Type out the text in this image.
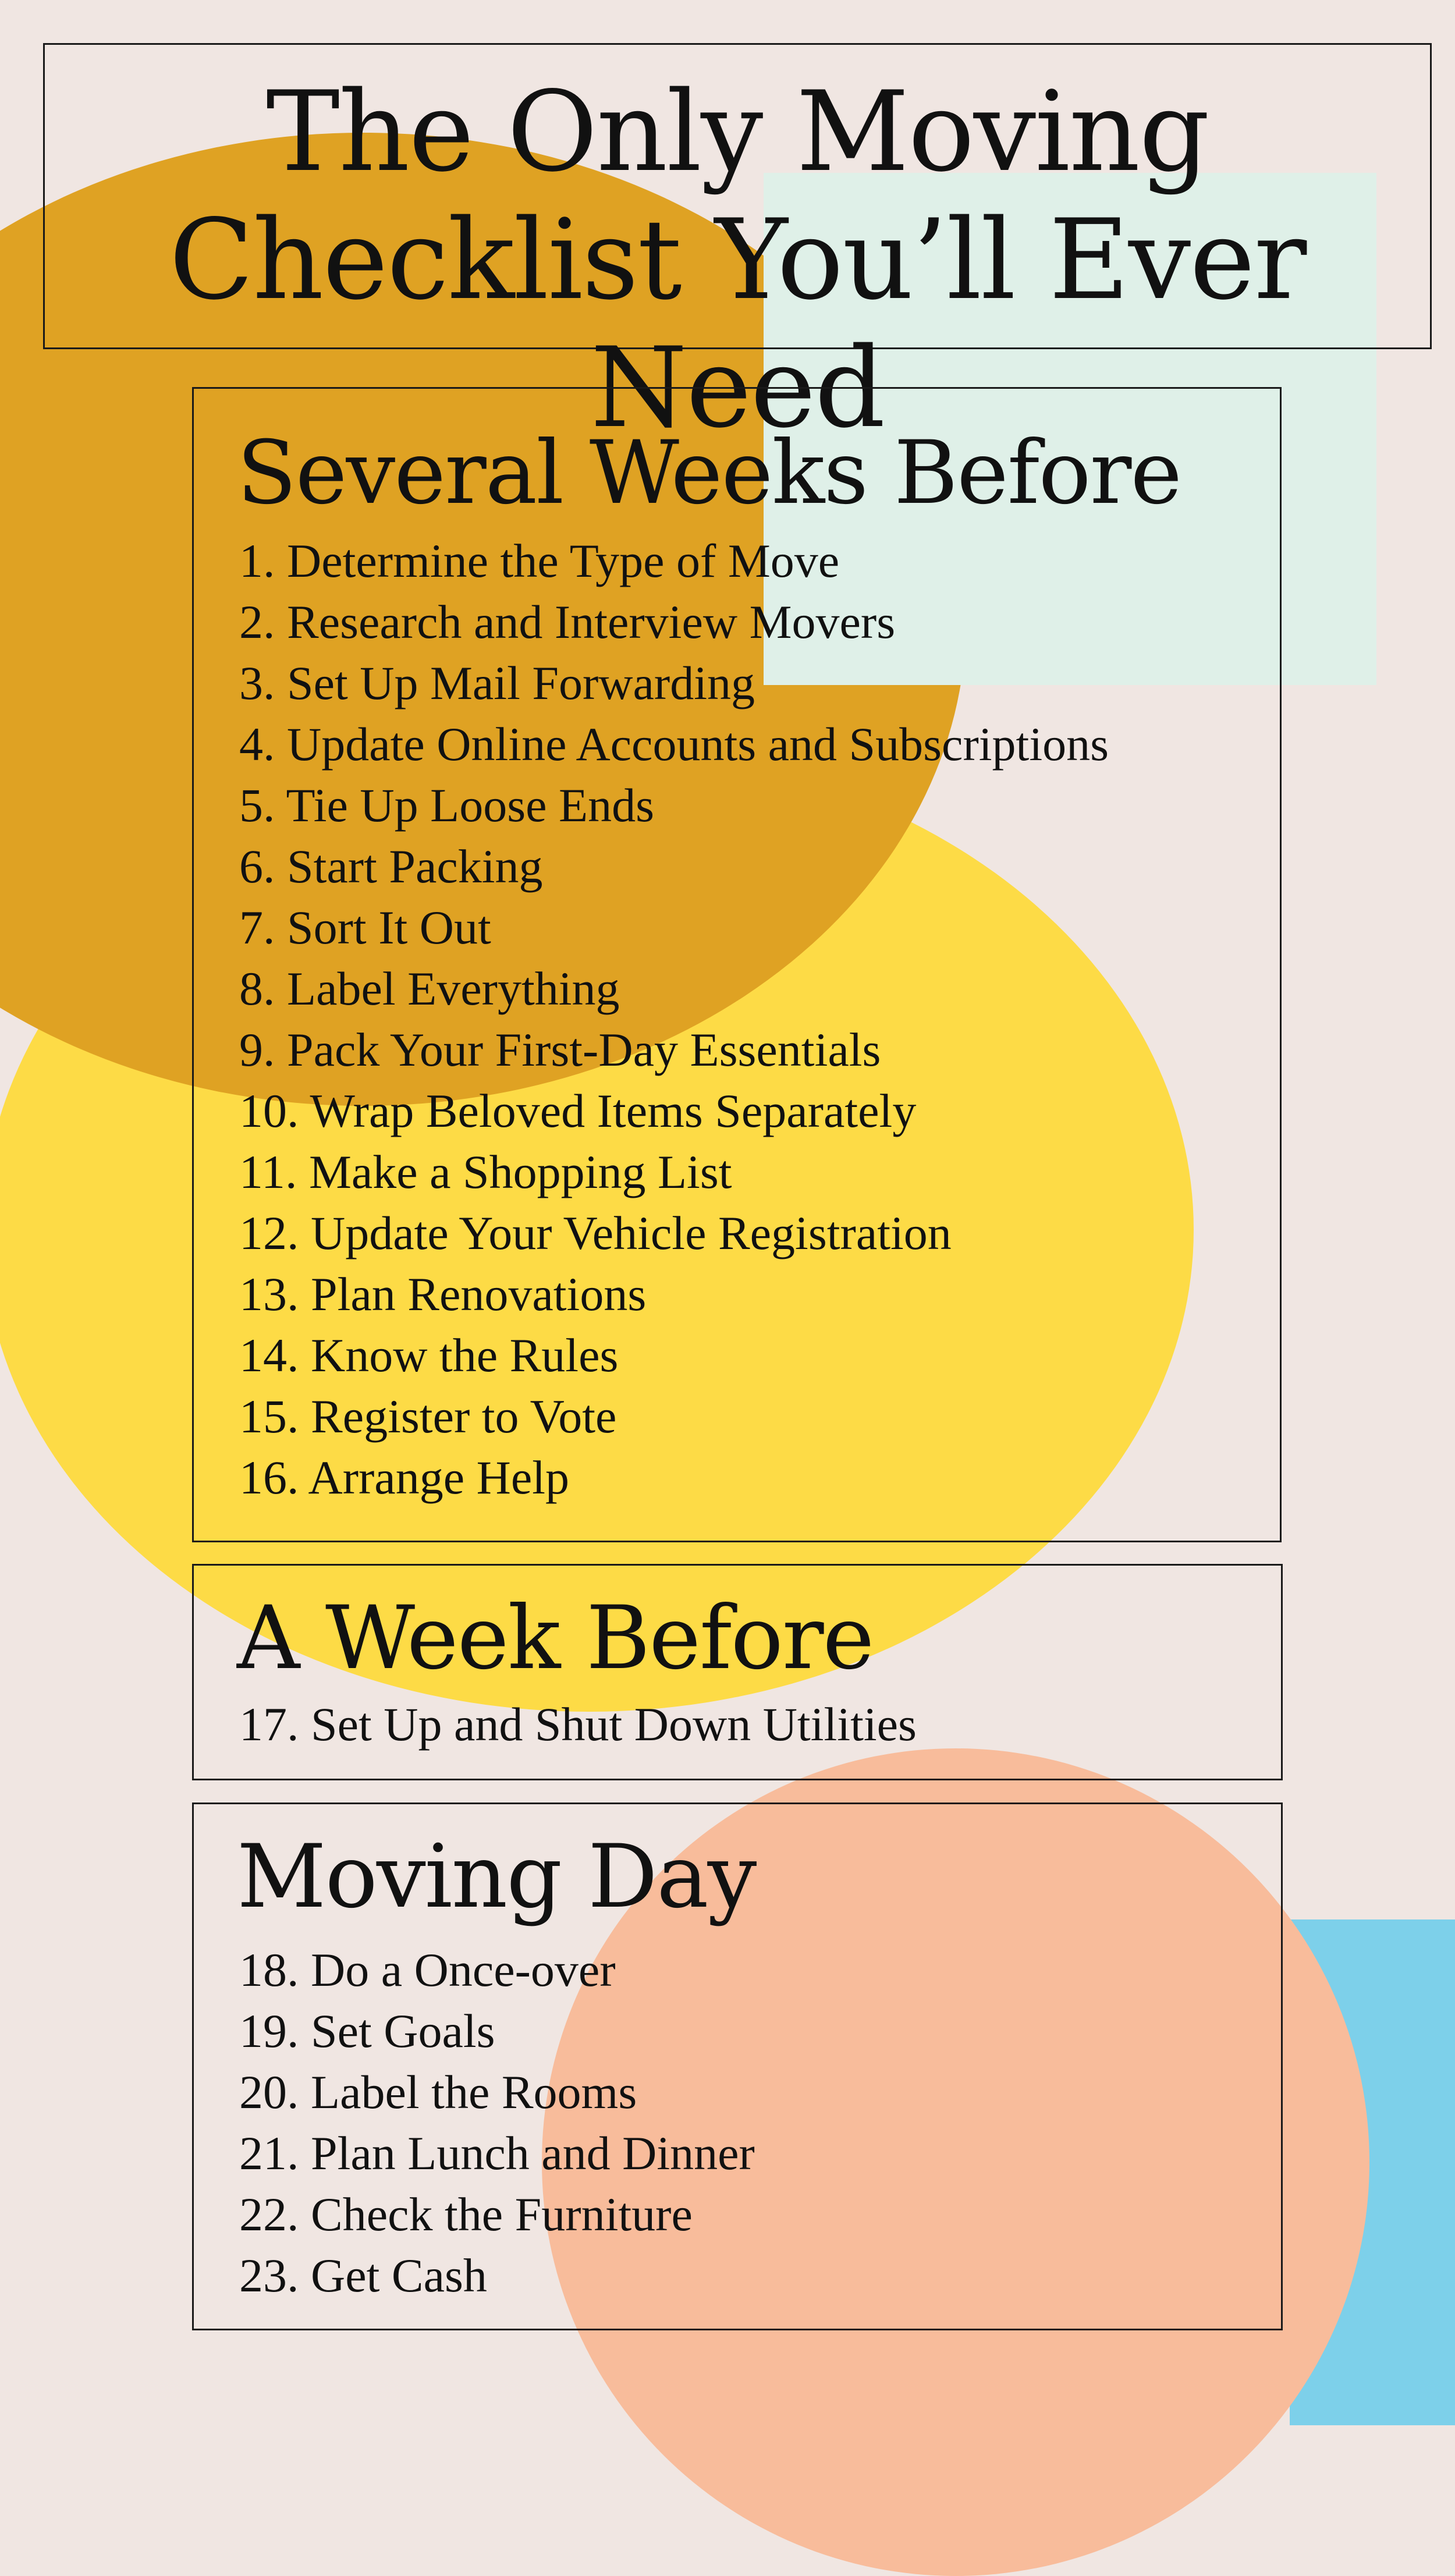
The Only Moving Checklist You’ll Ever Need
Several Weeks Before
1. Determine the Type of Move
2. Research and Interview Movers
3. Set Up Mail Forwarding
4. Update Online Accounts and Subscriptions
5. Tie Up Loose Ends
6. Start Packing
7. Sort It Out
8. Label Everything
9. Pack Your First-Day Essentials
10. Wrap Beloved Items Separately
11. Make a Shopping List
12. Update Your Vehicle Registration
13. Plan Renovations
14. Know the Rules
15. Register to Vote
16. Arrange Help
A Week Before
17. Set Up and Shut Down Utilities
Moving Day
18. Do a Once-over
19. Set Goals
20. Label the Rooms
21. Plan Lunch and Dinner
22. Check the Furniture
23. Get Cash
